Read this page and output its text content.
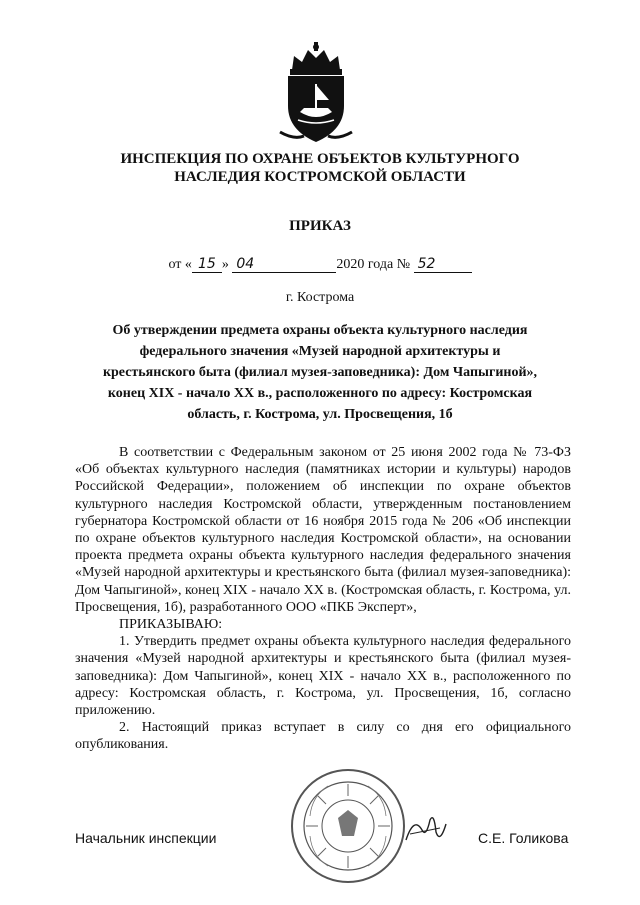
ИНСПЕКЦИЯ ПО ОХРАНЕ ОБЪЕКТОВ КУЛЬТУРНОГО
НАСЛЕДИЯ КОСТРОМСКОЙ ОБЛАСТИ
ПРИКАЗ
от « 15 » 04	2020 года № 52
г. Кострома
Об утверждении предмета охраны объекта культурного наследия
федерального значения «Музей народной архитектуры и
крестьянского быта (филиал музея-заповедника): Дом Чапыгиной»,
конец XIX - начало XX в., расположенного по адресу: Костромская
область, г. Кострома, ул. Просвещения, 1б

В соответствии с Федеральным законом от 25 июня 2002 года № 73-ФЗ «Об объектах культурного наследия (памятниках истории и культуры) народов Российской Федерации», положением об инспекции по охране объектов культурного наследия Костромской области, утвержденным постановлением губернатора Костромской области от 16 ноября 2015 года № 206 «Об инспекции по охране объектов культурного наследия Костромской области», на основании проекта предмета охраны объекта культурного наследия федерального значения «Музей народной архитектуры и крестьянского быта (филиал музея-заповедника): Дом Чапыгиной», конец XIX - начало XX в. (Костромская область, г. Кострома, ул. Просвещения, 1б), разработанного ООО «ПКБ Эксперт»,

ПРИКАЗЫВАЮ:

1. Утвердить предмет охраны объекта культурного наследия федерального значения «Музей народной архитектуры и крестьянского быта (филиал музея-заповедника): Дом Чапыгиной», конец XIX - начало XX в., расположенного по адресу: Костромская область, г. Кострома, ул. Просвещения, 1б, согласно приложению.

2. Настоящий приказ вступает в силу со дня его официального опубликования.

Начальник инспекции	С.Е. Голикова
